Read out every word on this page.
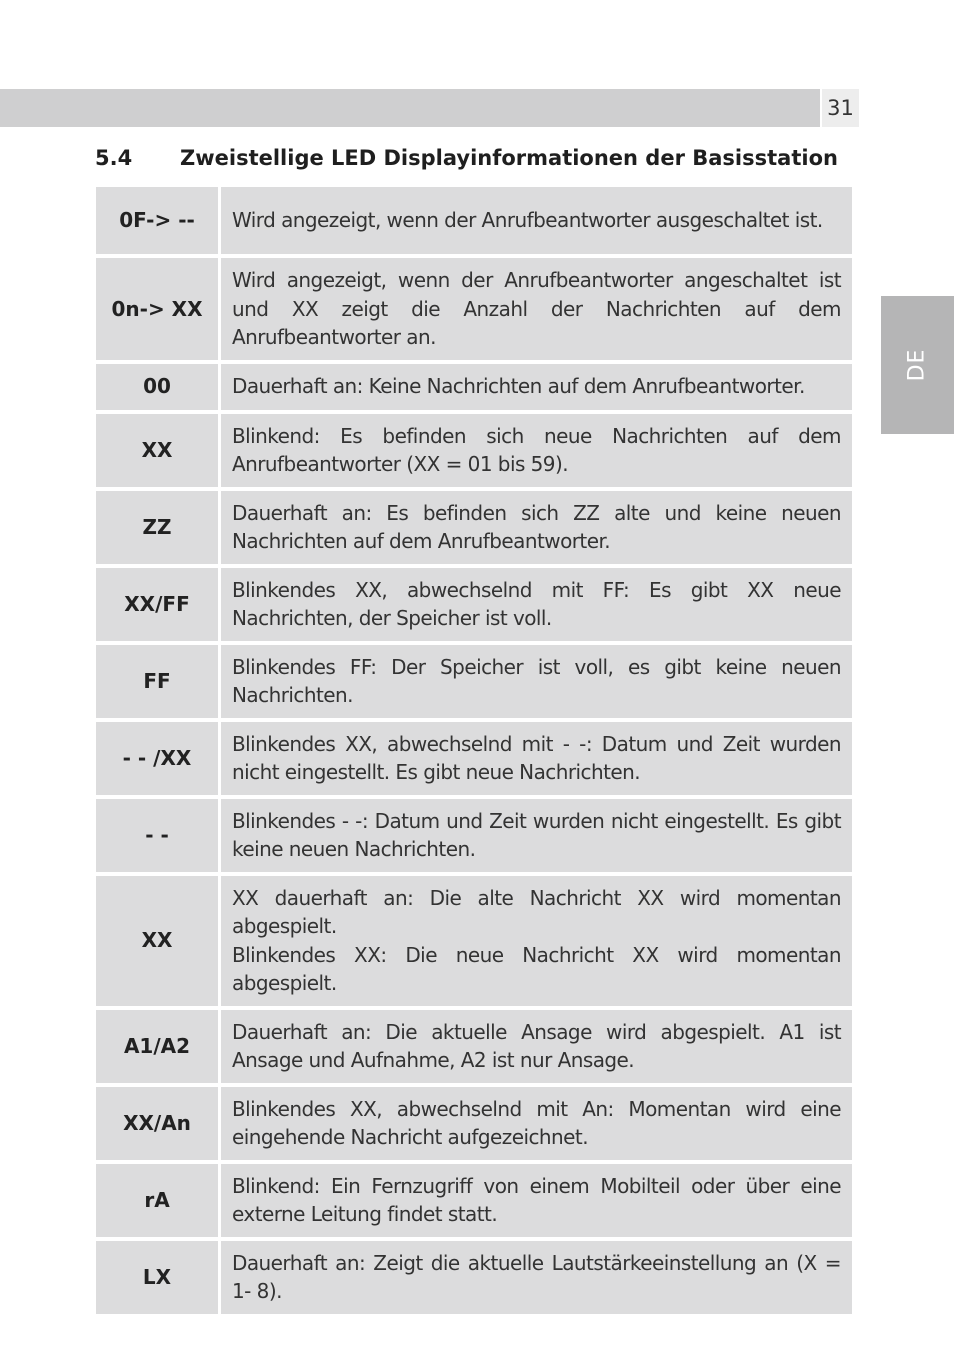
31
DE
5.4 Zweistellige LED Displayinformationen der Basisstation
0F-> --	Wird angezeigt, wenn der Anrufbeantworter ausgeschaltet ist.

0n-> XX	Wird angezeigt, wenn der Anrufbeantworter angeschaltet ist und XX zeigt die Anzahl der Nachrichten auf dem Anrufbeantworter an.

00	Dauerhaft an: Keine Nachrichten auf dem Anrufbeantworter.

XX	Blinkend: Es befinden sich neue Nachrichten auf dem Anrufbeantworter (XX = 01 bis 59).

ZZ	Dauerhaft an: Es befinden sich ZZ alte und keine neuen Nachrichten auf dem Anrufbeantworter.

XX/FF	Blinkendes XX, abwechselnd mit FF: Es gibt XX neue Nachrichten, der Speicher ist voll.

FF	Blinkendes FF: Der Speicher ist voll, es gibt keine neuen Nachrichten.

- - /XX	Blinkendes XX, abwechselnd mit - -: Datum und Zeit wurden nicht eingestellt. Es gibt neue Nachrichten.

- -	Blinkendes - -: Datum und Zeit wurden nicht eingestellt. Es gibt keine neuen Nachrichten.

XX	XX dauerhaft an: Die alte Nachricht XX wird momentan abgespielt.
Blinkendes XX: Die neue Nachricht XX wird momentan abgespielt.

A1/A2	Dauerhaft an: Die aktuelle Ansage wird abgespielt. A1 ist Ansage und Aufnahme, A2 ist nur Ansage.

XX/An	Blinkendes XX, abwechselnd mit An: Momentan wird eine eingehende Nachricht aufgezeichnet.

rA	Blinkend: Ein Fernzugriff von einem Mobilteil oder über eine externe Leitung findet statt.

LX	Dauerhaft an: Zeigt die aktuelle Lautstärkeeinstellung an (X = 1- 8).
